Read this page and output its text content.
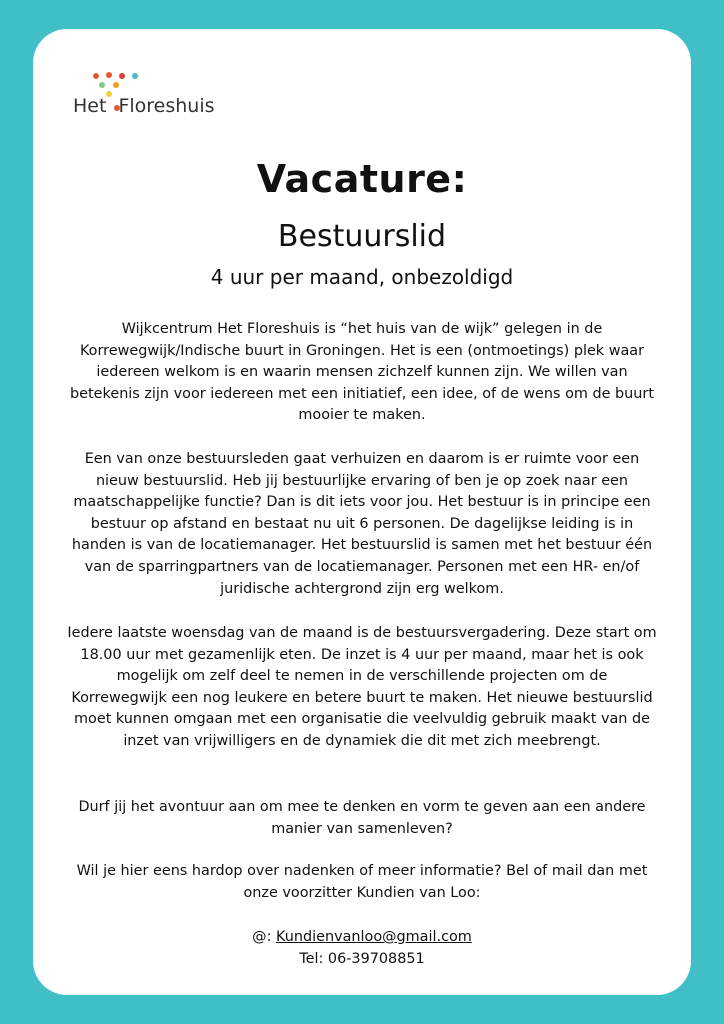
Het Floreshuis
Vacature:
Bestuurslid
4 uur per maand, onbezoldigd
Wijkcentrum Het Floreshuis is “het huis van de wijk” gelegen in de Korrewegwijk/Indische buurt in Groningen. Het is een (ontmoetings) plek waar iedereen welkom is en waarin mensen zichzelf kunnen zijn. We willen van betekenis zijn voor iedereen met een initiatief, een idee, of de wens om de buurt mooier te maken.
Een van onze bestuursleden gaat verhuizen en daarom is er ruimte voor een nieuw bestuurslid. Heb jij bestuurlijke ervaring of ben je op zoek naar een maatschappelijke functie? Dan is dit iets voor jou. Het bestuur is in principe een bestuur op afstand en bestaat nu uit 6 personen. De dagelijkse leiding is in handen is van de locatiemanager. Het bestuurslid is samen met het bestuur één van de sparringpartners van de locatiemanager. Personen met een HR- en/of juridische achtergrond zijn erg welkom.
Iedere laatste woensdag van de maand is de bestuursvergadering. Deze start om 18.00 uur met gezamenlijk eten. De inzet is 4 uur per maand, maar het is ook mogelijk om zelf deel te nemen in de verschillende projecten om de Korrewegwijk een nog leukere en betere buurt te maken. Het nieuwe bestuurslid moet kunnen omgaan met een organisatie die veelvuldig gebruik maakt van de inzet van vrijwilligers en de dynamiek die dit met zich meebrengt.
Durf jij het avontuur aan om mee te denken en vorm te geven aan een andere manier van samenleven?
Wil je hier eens hardop over nadenken of meer informatie? Bel of mail dan met onze voorzitter Kundien van Loo:
@: Kundienvanloo@gmail.com
Tel: 06-39708851
